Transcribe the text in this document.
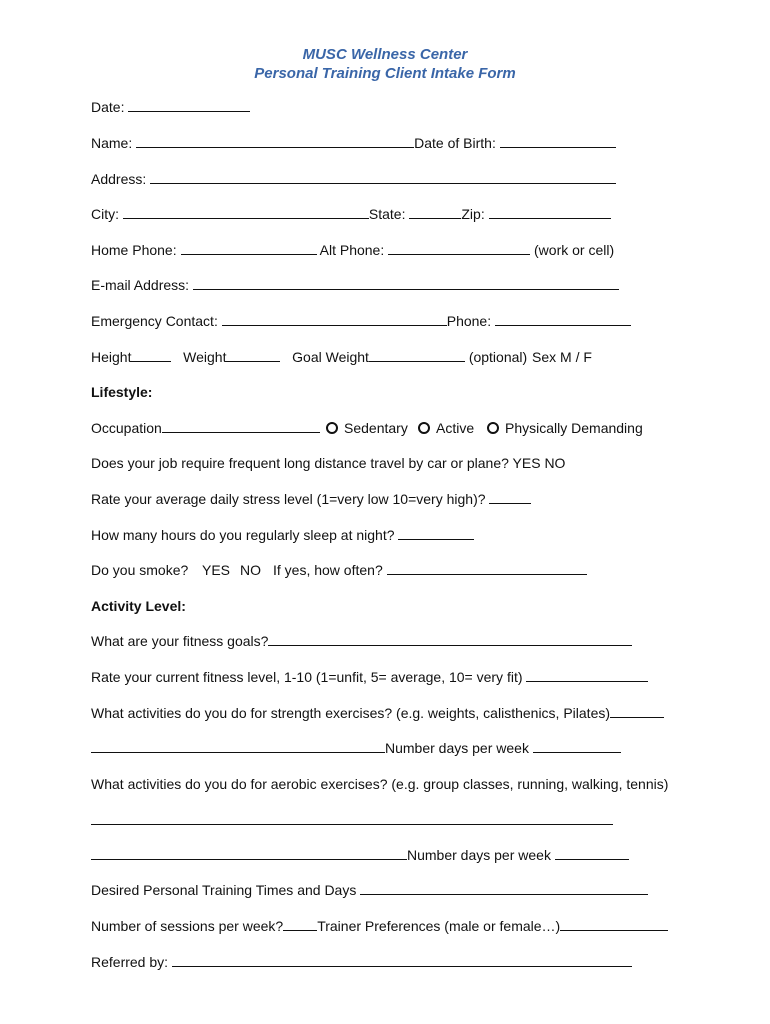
MUSC Wellness Center
Personal Training Client Intake Form
Date:
Name:	Date of Birth:
Address:
City:	State:	Zip:
Home Phone:	Alt Phone:	(work or cell)
E-mail Address:
Emergency Contact:	Phone:
Height	Weight	Goal Weight	(optional) Sex M / F
Lifestyle:
Occupation	Sedentary Active Physically Demanding
Does your job require frequent long distance travel by car or plane? YES NO
Rate your average daily stress level (1=very low 10=very high)?
How many hours do you regularly sleep at night?
Do you smoke? YES NO If yes, how often?
Activity Level:
What are your fitness goals?
Rate your current fitness level, 1-10 (1=unfit, 5= average, 10= very fit)
What activities do you do for strength exercises? (e.g. weights, calisthenics, Pilates)
Number days per week
What activities do you do for aerobic exercises? (e.g. group classes, running, walking, tennis)
Number days per week
Desired Personal Training Times and Days
Number of sessions per week? Trainer Preferences (male or female…)
Referred by:
